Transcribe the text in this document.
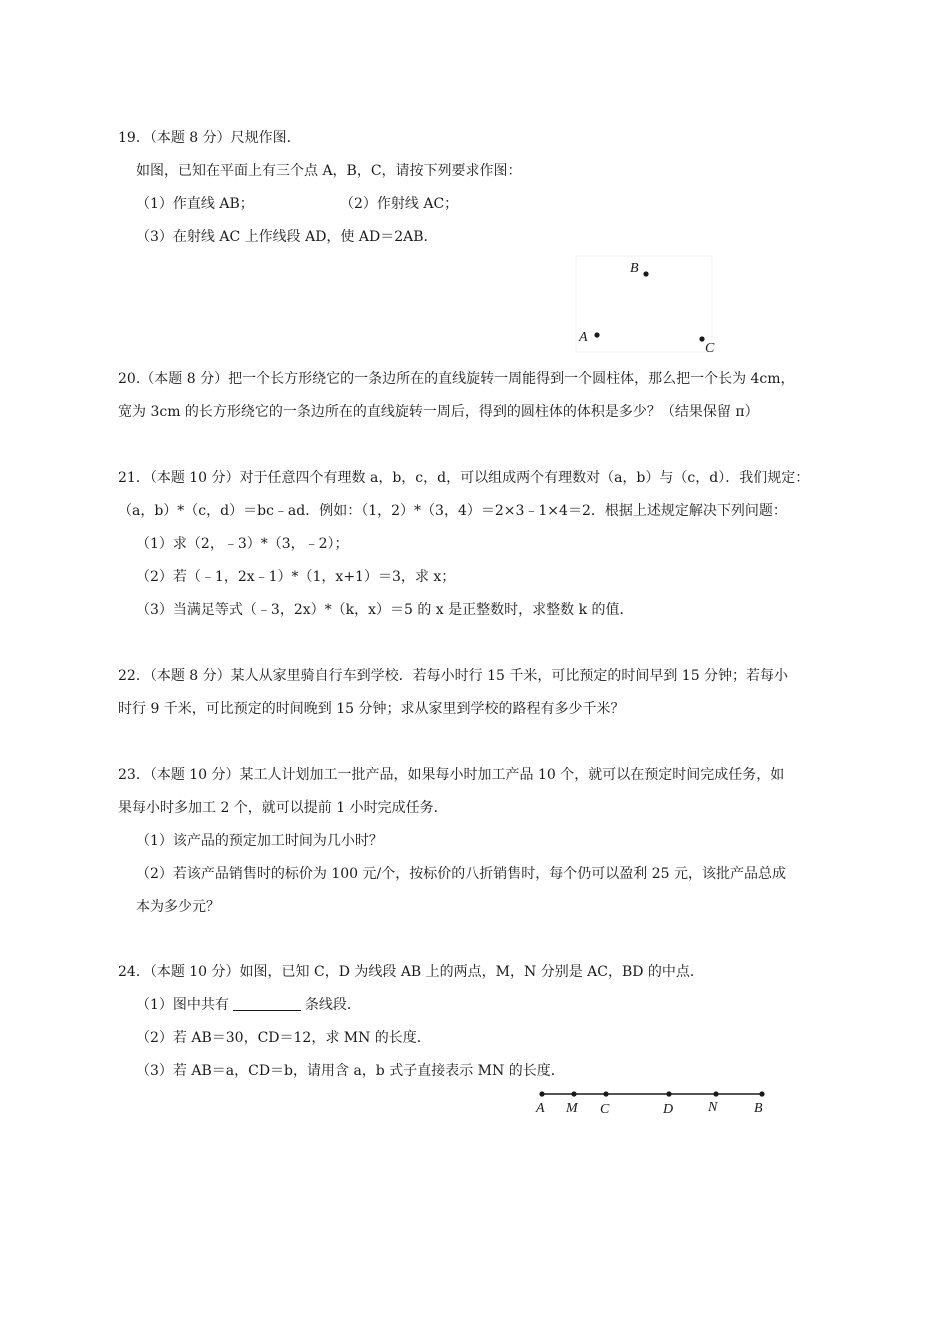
19．（本题 8 分）尺规作图．
如图，已知在平面上有三个点 A，B，C，请按下列要求作图：
（1）作直线 AB；	（2）作射线 AC；
（3）在射线 AC 上作线段 AD，使 AD＝2AB．
B
A
C
20.（本题 8 分）把一个长方形绕它的一条边所在的直线旋转一周能得到一个圆柱体，那么把一个长为 4cm，
宽为 3cm 的长方形绕它的一条边所在的直线旋转一周后，得到的圆柱体的体积是多少？（结果保留 π）
21．（本题 10 分）对于任意四个有理数 a，b，c，d，可以组成两个有理数对（a，b）与（c，d）．我们规定：
（a，b）*（c，d）＝bc﹣ad．例如：（1，2）*（3，4）＝2×3﹣1×4＝2．根据上述规定解决下列问题：
（1）求（2，﹣3）*（3，﹣2）；
（2）若（﹣1，2x﹣1）*（1，x+1）＝3，求 x；
（3）当满足等式（﹣3，2x）*（k，x）＝5 的 x 是正整数时，求整数 k 的值．
22．（本题 8 分）某人从家里骑自行车到学校．若每小时行 15 千米，可比预定的时间早到 15 分钟；若每小
时行 9 千米，可比预定的时间晚到 15 分钟；求从家里到学校的路程有多少千米？
23．（本题 10 分）某工人计划加工一批产品，如果每小时加工产品 10 个，就可以在预定时间完成任务，如
果每小时多加工 2 个，就可以提前 1 小时完成任务．
（1）该产品的预定加工时间为几小时？
（2）若该产品销售时的标价为 100 元/个，按标价的八折销售时，每个仍可以盈利 25 元，该批产品总成
本为多少元？
24．（本题 10 分）如图，已知 C，D 为线段 AB 上的两点，M，N 分别是 AC，BD 的中点．
（1）图中共有	条线段．
（2）若 AB＝30，CD＝12，求 MN 的长度．
（3）若 AB＝a，CD＝b，请用含 a，b 式子直接表示 MN 的长度．
A M C	D N	B
